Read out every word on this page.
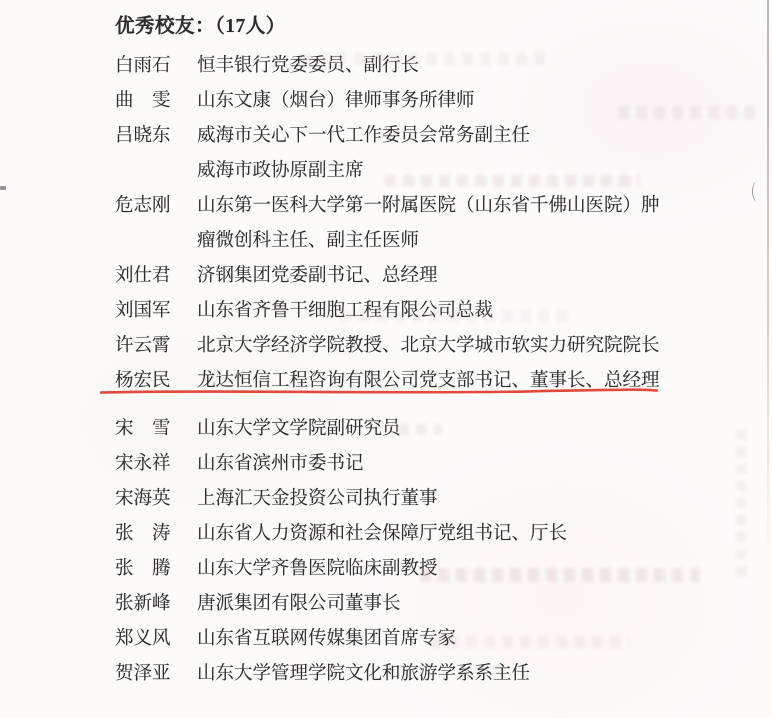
优秀校友：（17人）
白雨石 恒丰银行党委委员、副行长
曲　雯 山东文康（烟台）律师事务所律师
吕晓东 威海市关心下一代工作委员会常务副主任
威海市政协原副主席
危志刚 山东第一医科大学第一附属医院（山东省千佛山医院）肿
瘤微创科主任、副主任医师
刘仕君 济钢集团党委副书记、总经理
刘国军 山东省齐鲁干细胞工程有限公司总裁
许云霄 北京大学经济学院教授、北京大学城市软实力研究院院长
杨宏民 龙达恒信工程咨询有限公司党支部书记、董事长、总经理
宋　雪 山东大学文学院副研究员
宋永祥 山东省滨州市委书记
宋海英 上海汇天金投资公司执行董事
张　涛 山东省人力资源和社会保障厅党组书记、厅长
张　腾 山东大学齐鲁医院临床副教授
张新峰 唐派集团有限公司董事长
郑义风 山东省互联网传媒集团首席专家
贺泽亚 山东大学管理学院文化和旅游学系系主任
